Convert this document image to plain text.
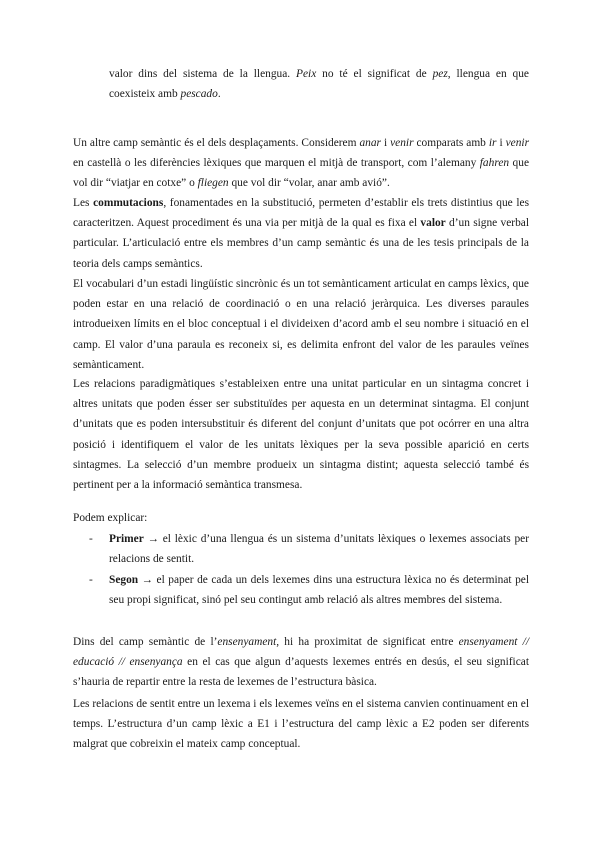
valor dins del sistema de la llengua. Peix no té el significat de pez, llengua en que coexisteix amb pescado.

Un altre camp semàntic és el dels desplaçaments. Considerem anar i venir comparats amb ir i venir en castellà o les diferències lèxiques que marquen el mitjà de transport, com l’alemany fahren que vol dir “viatjar en cotxe” o fliegen que vol dir “volar, anar amb avió”.

Les commutacions, fonamentades en la substitució, permeten d’establir els trets distintius que les caracteritzen. Aquest procediment és una via per mitjà de la qual es fixa el valor d’un signe verbal particular. L’articulació entre els membres d’un camp semàntic és una de les tesis principals de la teoria dels camps semàntics.

El vocabulari d’un estadi lingüístic sincrònic és un tot semànticament articulat en camps lèxics, que poden estar en una relació de coordinació o en una relació jeràrquica. Les diverses paraules introdueixen límits en el bloc conceptual i el divideixen d’acord amb el seu nombre i situació en el camp. El valor d’una paraula es reconeix si, es delimita enfront del valor de les paraules veïnes semànticament.

Les relacions paradigmàtiques s’estableixen entre una unitat particular en un sintagma concret i altres unitats que poden ésser ser substituïdes per aquesta en un determinat sintagma. El conjunt d’unitats que es poden intersubstituir és diferent del conjunt d’unitats que pot ocórrer en una altra posició i identifiquem el valor de les unitats lèxiques per la seva possible aparició en certs sintagmes. La selecció d’un membre produeix un sintagma distint; aquesta selecció també és pertinent per a la informació semàntica transmesa.

Podem explicar:

- Primer → el lèxic d’una llengua és un sistema d’unitats lèxiques o lexemes associats per relacions de sentit.

- Segon → el paper de cada un dels lexemes dins una estructura lèxica no és determinat pel seu propi significat, sinó pel seu contingut amb relació als altres membres del sistema.

Dins del camp semàntic de l’ensenyament, hi ha proximitat de significat entre ensenyament // educació // ensenyança en el cas que algun d’aquests lexemes entrés en desús, el seu significat s’hauria de repartir entre la resta de lexemes de l’estructura bàsica.

Les relacions de sentit entre un lexema i els lexemes veïns en el sistema canvien continuament en el temps. L’estructura d’un camp lèxic a E1 i l’estructura del camp lèxic a E2 poden ser diferents malgrat que cobreixin el mateix camp conceptual.
